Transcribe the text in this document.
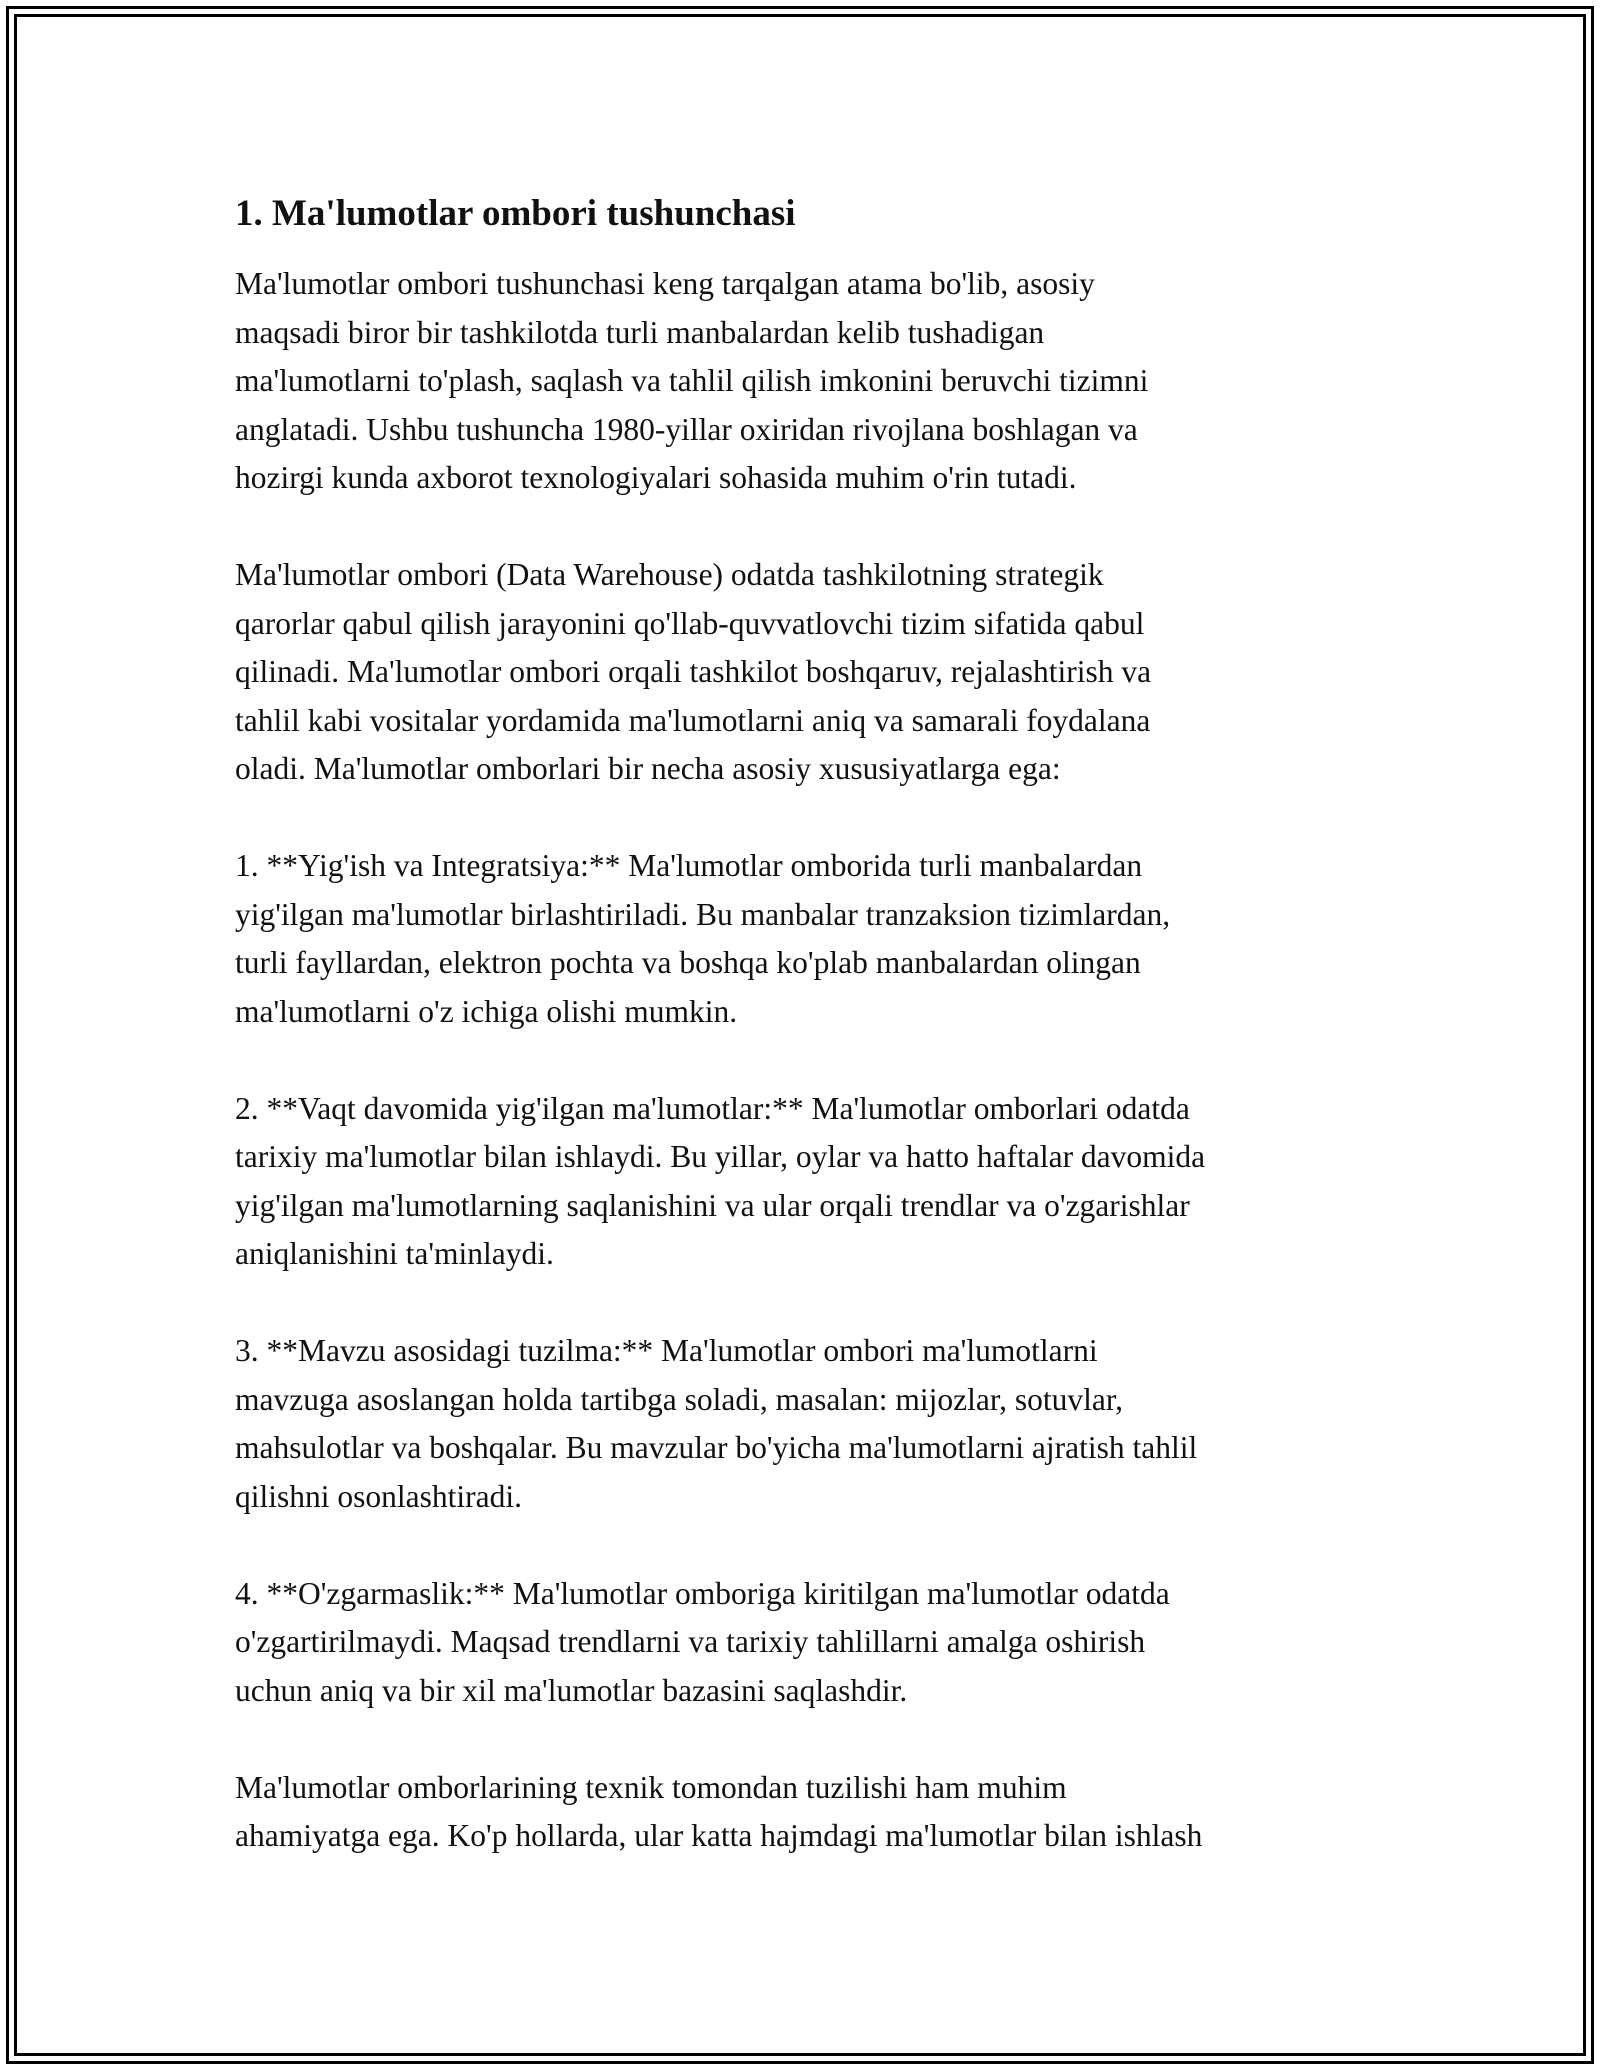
1. Ma'lumotlar ombori tushunchasi
Ma'lumotlar ombori tushunchasi keng tarqalgan atama bo'lib, asosiy
maqsadi biror bir tashkilotda turli manbalardan kelib tushadigan
ma'lumotlarni to'plash, saqlash va tahlil qilish imkonini beruvchi tizimni
anglatadi. Ushbu tushuncha 1980-yillar oxiridan rivojlana boshlagan va
hozirgi kunda axborot texnologiyalari sohasida muhim o'rin tutadi.
Ma'lumotlar ombori (Data Warehouse) odatda tashkilotning strategik
qarorlar qabul qilish jarayonini qo'llab-quvvatlovchi tizim sifatida qabul
qilinadi. Ma'lumotlar ombori orqali tashkilot boshqaruv, rejalashtirish va
tahlil kabi vositalar yordamida ma'lumotlarni aniq va samarali foydalana
oladi. Ma'lumotlar omborlari bir necha asosiy xususiyatlarga ega:
1. **Yig'ish va Integratsiya:** Ma'lumotlar omborida turli manbalardan
yig'ilgan ma'lumotlar birlashtiriladi. Bu manbalar tranzaksion tizimlardan,
turli fayllardan, elektron pochta va boshqa ko'plab manbalardan olingan
ma'lumotlarni o'z ichiga olishi mumkin.
2. **Vaqt davomida yig'ilgan ma'lumotlar:** Ma'lumotlar omborlari odatda
tarixiy ma'lumotlar bilan ishlaydi. Bu yillar, oylar va hatto haftalar davomida
yig'ilgan ma'lumotlarning saqlanishini va ular orqali trendlar va o'zgarishlar
aniqlanishini ta'minlaydi.
3. **Mavzu asosidagi tuzilma:** Ma'lumotlar ombori ma'lumotlarni
mavzuga asoslangan holda tartibga soladi, masalan: mijozlar, sotuvlar,
mahsulotlar va boshqalar. Bu mavzular bo'yicha ma'lumotlarni ajratish tahlil
qilishni osonlashtiradi.
4. **O'zgarmaslik:** Ma'lumotlar omboriga kiritilgan ma'lumotlar odatda
o'zgartirilmaydi. Maqsad trendlarni va tarixiy tahlillarni amalga oshirish
uchun aniq va bir xil ma'lumotlar bazasini saqlashdir.
Ma'lumotlar omborlarining texnik tomondan tuzilishi ham muhim
ahamiyatga ega. Ko'p hollarda, ular katta hajmdagi ma'lumotlar bilan ishlash
